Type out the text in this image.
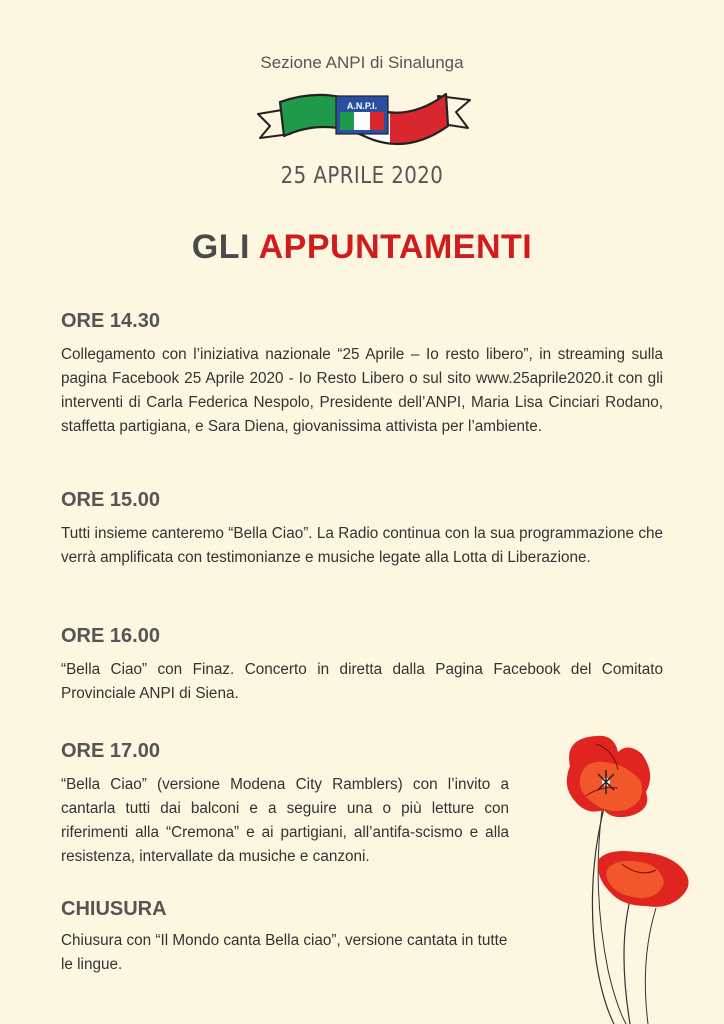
Sezione ANPI di Sinalunga
A.N.P.I.
25 APRILE 2020
GLI APPUNTAMENTI
ORE 14.30

Collegamento con l’iniziativa nazionale “25 Aprile – Io resto libero”, in streaming sulla pagina Facebook 25 Aprile 2020 - Io Resto Libero o sul sito www.25aprile2020.it con gli interventi di Carla Federica Nespolo, Presidente dell’ANPI, Maria Lisa Cinciari Rodano, staffetta partigiana, e Sara Diena, giovanissima attivista per l’ambiente.

ORE 15.00

Tutti insieme canteremo “Bella Ciao”. La Radio continua con la sua programmazione che verrà amplificata con testimonianze e musiche legate alla Lotta di Liberazione.

ORE 16.00

“Bella Ciao” con Finaz. Concerto in diretta dalla Pagina Facebook del Comitato Provinciale ANPI di Siena.

ORE 17.00

“Bella Ciao” (versione Modena City Ramblers) con l’invito a cantarla tutti dai balconi e a seguire una o più letture con riferimenti alla “Cremona” e ai partigiani, all’antifa-scismo e alla resistenza, intervallate da musiche e canzoni.

CHIUSURA

Chiusura con “Il Mondo canta Bella ciao”, versione cantata in tutte le lingue.
